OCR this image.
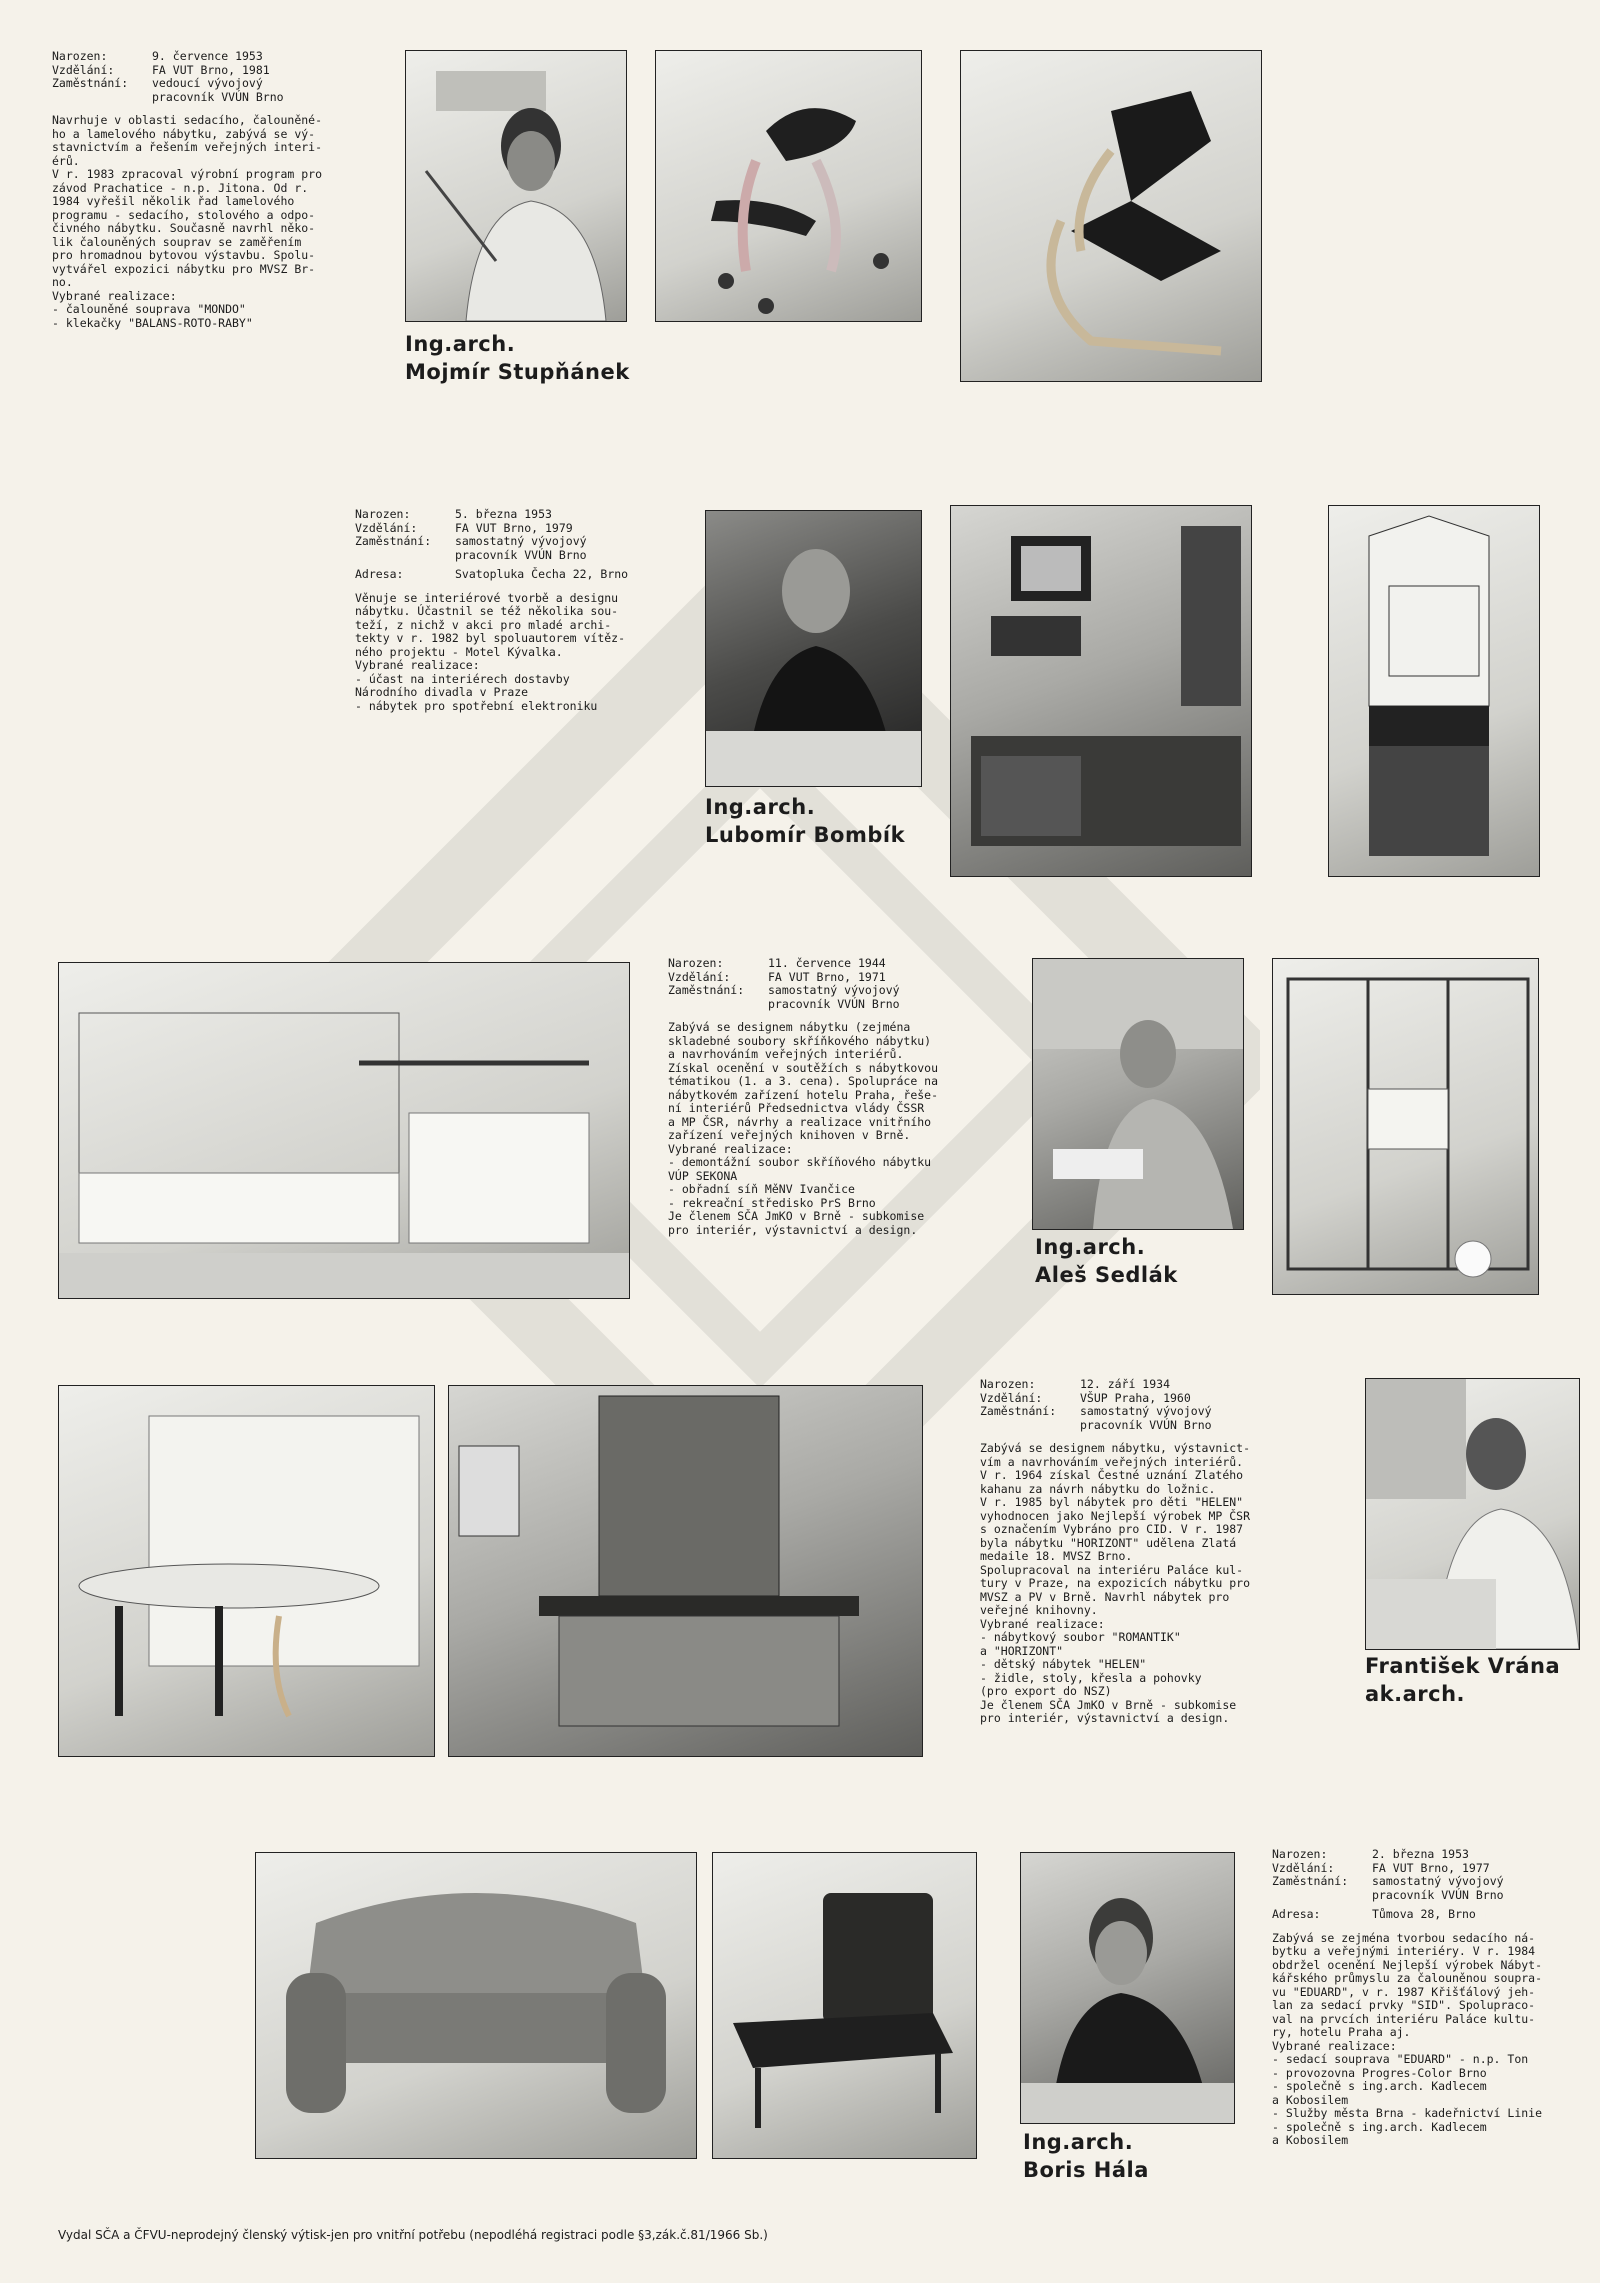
Narozen:	9. července 1953
Vzdělání:	FA VUT Brno, 1981
Zaměstnání:	vedoucí vývojový
pracovník VVÚN Brno
Navrhuje v oblasti sedacího, čalouněné-
ho a lamelového nábytku, zabývá se vý-
stavnictvím a řešením veřejných interi-
érů.
V r. 1983 zpracoval výrobní program pro
závod Prachatice - n.p. Jitona. Od r.
1984 vyřešil několik řad lamelového
programu - sedacího, stolového a odpo-
čivného nábytku. Současně navrhl něko-
lik čalouněných souprav se zaměřením
pro hromadnou bytovou výstavbu. Spolu-
vytvářel expozici nábytku pro MVSZ Br-
no.
Vybrané realizace:
- čalouněné souprava "MONDO"
- klekačky "BALANS-ROTO-RABY"
Ing.arch.
Mojmír Stupňánek
Narozen:	5. března 1953
Vzdělání:	FA VUT Brno, 1979
Zaměstnání:	samostatný vývojový
pracovník VVÚN Brno
Adresa:	Svatopluka Čecha 22, Brno
Věnuje se interiérové tvorbě a designu
nábytku. Účastnil se též několika sou-
teží, z nichž v akci pro mladé archi-
tekty v r. 1982 byl spoluautorem vítěz-
ného projektu - Motel Kývalka.
Vybrané realizace:
- účast na interiérech dostavby
Národního divadla v Praze
- nábytek pro spotřební elektroniku
Ing.arch.
Lubomír Bombík
Narozen:	11. července 1944
Vzdělání:	FA VUT Brno, 1971
Zaměstnání:	samostatný vývojový
pracovník VVÚN Brno
Zabývá se designem nábytku (zejména
skladebné soubory skříňkového nábytku)
a navrhováním veřejných interiérů.
Získal ocenění v soutěžích s nábytkovou
tématikou (1. a 3. cena). Spolupráce na
nábytkovém zařízení hotelu Praha, řeše-
ní interiérů Předsednictva vlády ČSSR
a MP ČSR, návrhy a realizace vnitřního
zařízení veřejných knihoven v Brně.
Vybrané realizace:
- demontážní soubor skříňového nábytku
VÚP SEKONA
- obřadní síň MěNV Ivančice
- rekreační středisko PrS Brno
Je členem SČA JmKO v Brně - subkomise
pro interiér, výstavnictví a design.
Ing.arch.
Aleš Sedlák
Narozen:	12. září 1934
Vzdělání:	VŠUP Praha, 1960
Zaměstnání:	samostatný vývojový
pracovník VVÚN Brno
Zabývá se designem nábytku, výstavnict-
vím a navrhováním veřejných interiérů.
V r. 1964 získal Čestné uznání Zlatého
kahanu za návrh nábytku do ložnic.
V r. 1985 byl nábytek pro děti "HELEN"
vyhodnocen jako Nejlepší výrobek MP ČSR
s označením Vybráno pro CID. V r. 1987
byla nábytku "HORIZONT" udělena Zlatá
medaile 18. MVSZ Brno.
Spolupracoval na interiéru Paláce kul-
tury v Praze, na expozicích nábytku pro
MVSZ a PV v Brně. Navrhl nábytek pro
veřejné knihovny.
Vybrané realizace:
- nábytkový soubor "ROMANTIK"
a "HORIZONT"
- dětský nábytek "HELEN"
- židle, stoly, křesla a pohovky
(pro export do NSZ)
Je členem SČA JmKO v Brně - subkomise
pro interiér, výstavnictví a design.
František Vrána
ak.arch.
Ing.arch.
Boris Hála
Narozen:	2. března 1953
Vzdělání:	FA VUT Brno, 1977
Zaměstnání:	samostatný vývojový
pracovník VVÚN Brno
Adresa:	Tůmova 28, Brno
Zabývá se zejména tvorbou sedacího ná-
bytku a veřejnými interiéry. V r. 1984
obdržel ocenění Nejlepší výrobek Nábyt-
kářského průmyslu za čalouněnou soupra-
vu "EDUARD", v r. 1987 Křišťálový jeh-
lan za sedací prvky "SID". Spolupraco-
val na prvcích interiéru Paláce kultu-
ry, hotelu Praha aj.
Vybrané realizace:
- sedací souprava "EDUARD" - n.p. Ton
- provozovna Progres-Color Brno
- společně s ing.arch. Kadlecem
a Kobosilem
- Služby města Brna - kadeřnictví Linie
- společně s ing.arch. Kadlecem
a Kobosilem
Vydal SČA a ČFVU-neprodejný členský výtisk-jen pro vnitřní potřebu (nepodléhá registraci podle §3,zák.č.81/1966 Sb.)
